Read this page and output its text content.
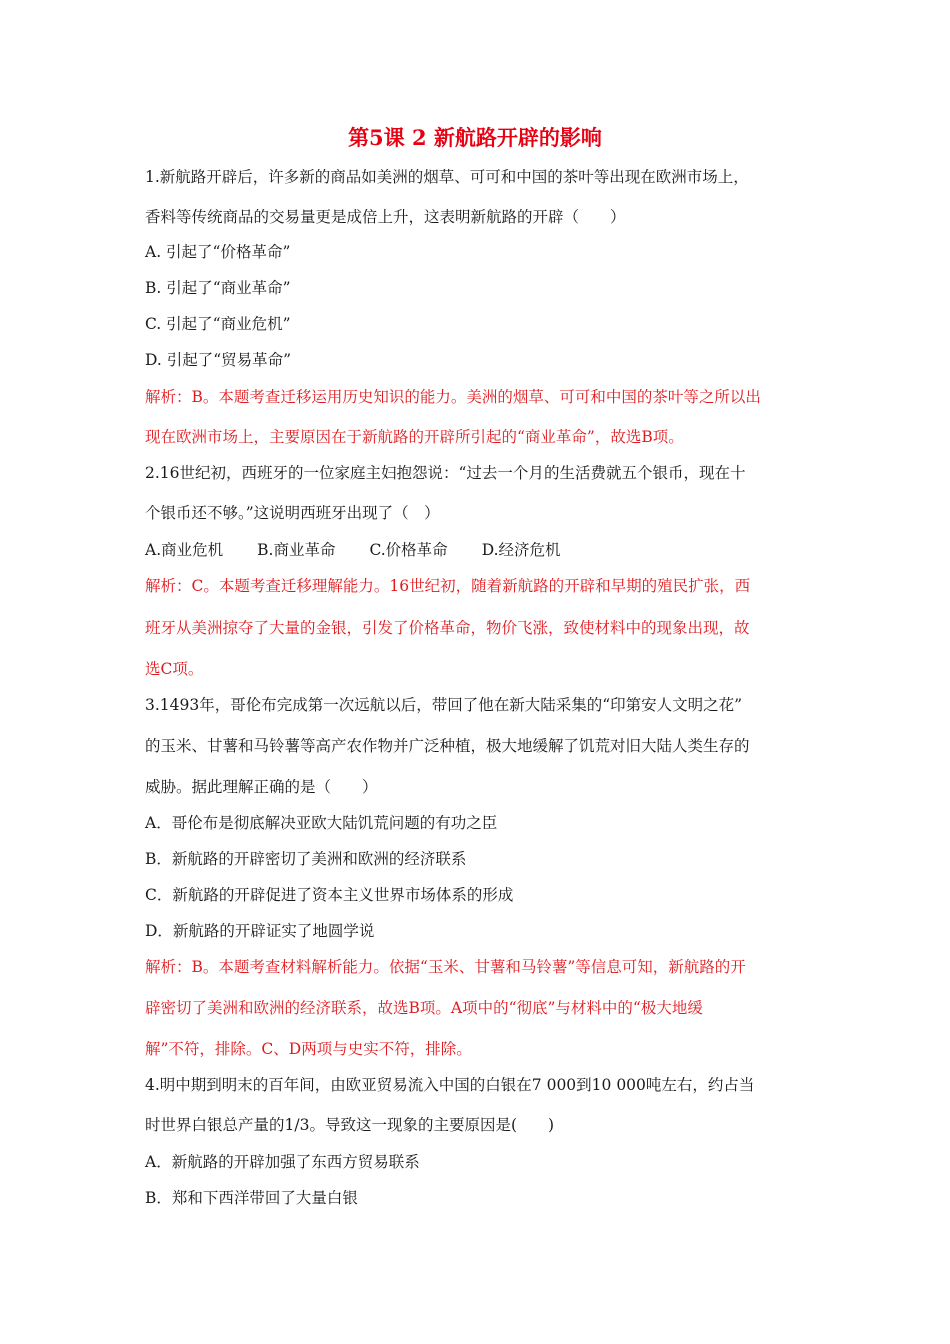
第5课 2 新航路开辟的影响
1.新航路开辟后，许多新的商品如美洲的烟草、可可和中国的茶叶等出现在欧洲市场上，
香料等传统商品的交易量更是成倍上升，这表明新航路的开辟（　　）
A. 引起了“价格革命”
B. 引起了“商业革命”
C. 引起了“商业危机”
D. 引起了“贸易革命”
解析：B。本题考查迁移运用历史知识的能力。美洲的烟草、可可和中国的茶叶等之所以出
现在欧洲市场上，主要原因在于新航路的开辟所引起的“商业革命”，故选B项。
2.16世纪初，西班牙的一位家庭主妇抱怨说：“过去一个月的生活费就五个银币，现在十
个银币还不够。”这说明西班牙出现了（　）
A.商业危机 B.商业革命 C.价格革命 D.经济危机
解析：C。本题考查迁移理解能力。16世纪初，随着新航路的开辟和早期的殖民扩张，西
班牙从美洲掠夺了大量的金银，引发了价格革命，物价飞涨，致使材料中的现象出现，故
选C项。
3.1493年，哥伦布完成第一次远航以后，带回了他在新大陆采集的“印第安人文明之花”
的玉米、甘薯和马铃薯等高产农作物并广泛种植，极大地缓解了饥荒对旧大陆人类生存的
威胁。据此理解正确的是（　　）
A．哥伦布是彻底解决亚欧大陆饥荒问题的有功之臣
B．新航路的开辟密切了美洲和欧洲的经济联系
C．新航路的开辟促进了资本主义世界市场体系的形成
D．新航路的开辟证实了地圆学说
解析：B。本题考查材料解析能力。依据“玉米、甘薯和马铃薯”等信息可知，新航路的开
辟密切了美洲和欧洲的经济联系，故选B项。A项中的“彻底”与材料中的“极大地缓
解”不符，排除。C、D两项与史实不符，排除。
4.明中期到明末的百年间，由欧亚贸易流入中国的白银在7 000到10 000吨左右，约占当
时世界白银总产量的1/3。导致这一现象的主要原因是(　　)
A．新航路的开辟加强了东西方贸易联系
B．郑和下西洋带回了大量白银
